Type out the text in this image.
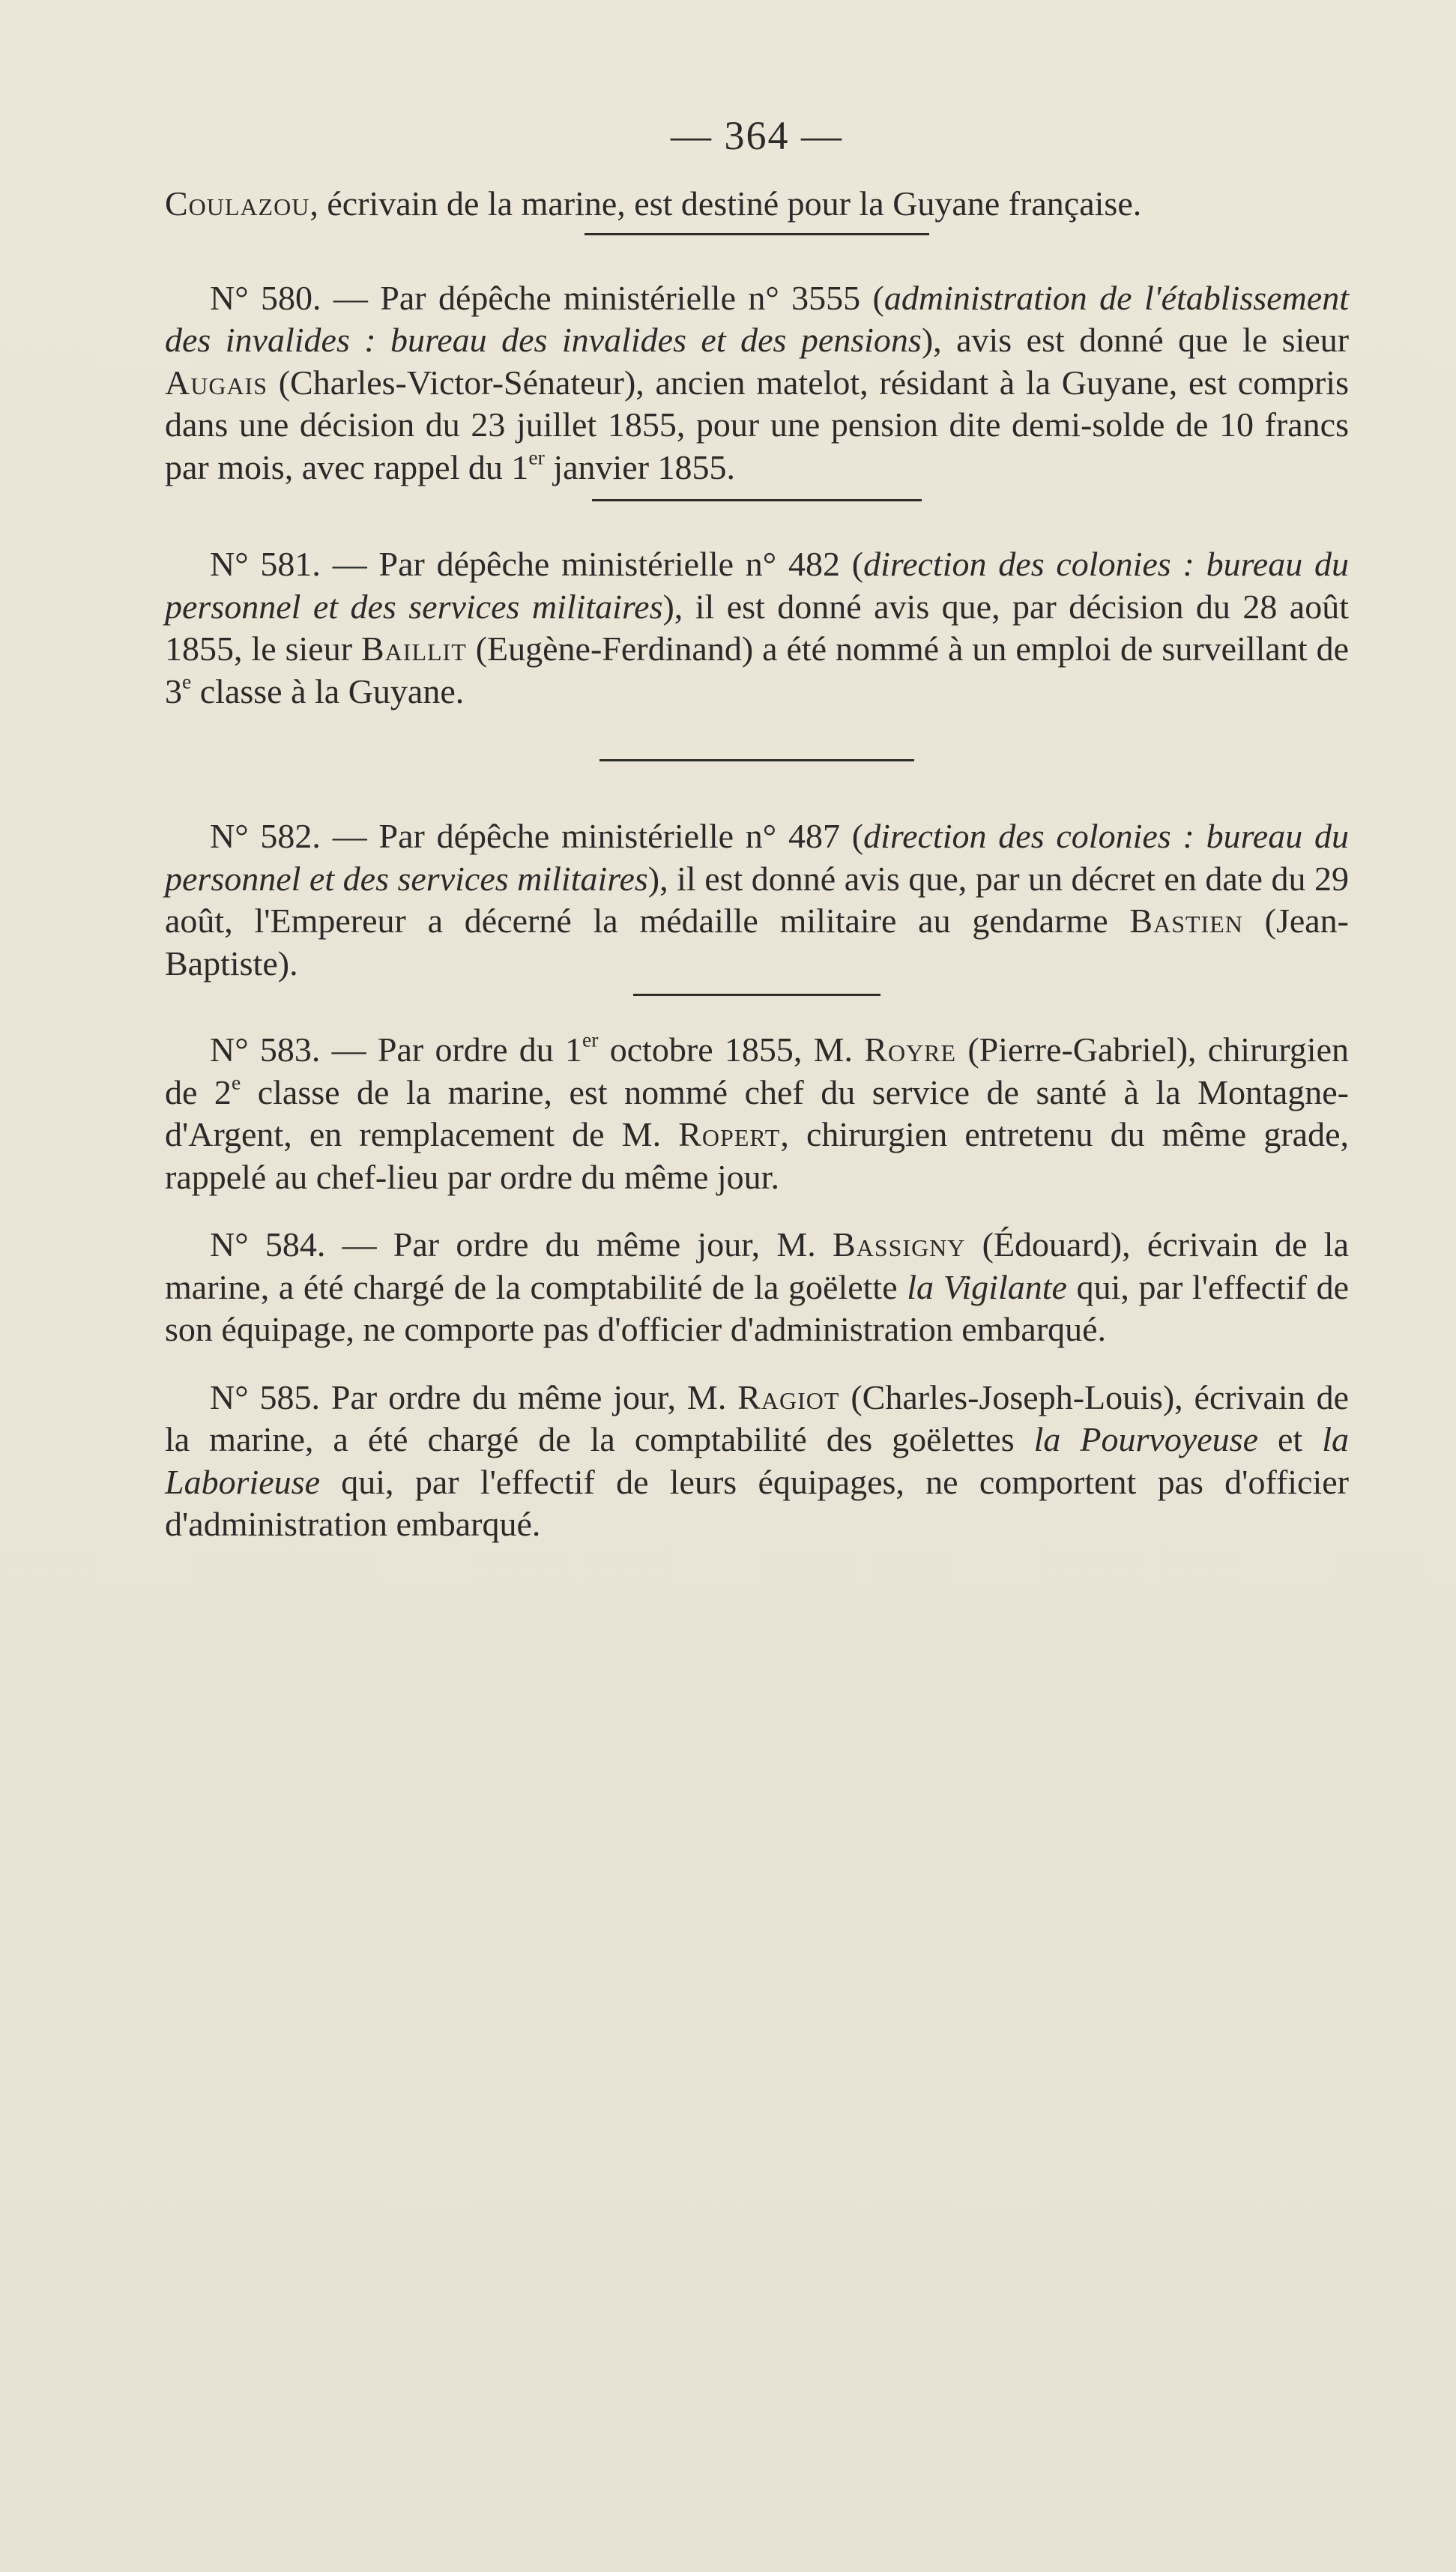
— 364 —

Coulazou, écrivain de la marine, est destiné pour la Guyane française.

N° 580. — Par dépêche ministérielle n° 3555 (administration de l'établissement des invalides : bureau des invalides et des pensions), avis est donné que le sieur Augais (Charles-Victor-Sénateur), ancien matelot, résidant à la Guyane, est compris dans une décision du 23 juillet 1855, pour une pension dite demi-solde de 10 francs par mois, avec rappel du 1er janvier 1855.

N° 581. — Par dépêche ministérielle n° 482 (direction des colonies : bureau du personnel et des services militaires), il est donné avis que, par décision du 28 août 1855, le sieur Baillit (Eugène-Ferdinand) a été nommé à un emploi de surveillant de 3e classe à la Guyane.

N° 582. — Par dépêche ministérielle n° 487 (direction des colonies : bureau du personnel et des services militaires), il est donné avis que, par un décret en date du 29 août, l'Empereur a décerné la médaille militaire au gendarme Bastien (Jean-Baptiste).

N° 583. — Par ordre du 1er octobre 1855, M. Royre (Pierre-Gabriel), chirurgien de 2e classe de la marine, est nommé chef du service de santé à la Montagne-d'Argent, en remplacement de M. Ropert, chirurgien entretenu du même grade, rappelé au chef-lieu par ordre du même jour.

N° 584. — Par ordre du même jour, M. Bassigny (Édouard), écrivain de la marine, a été chargé de la comptabilité de la goëlette la Vigilante qui, par l'effectif de son équipage, ne comporte pas d'officier d'administration embarqué.

N° 585. Par ordre du même jour, M. Ragiot (Charles-Joseph-Louis), écrivain de la marine, a été chargé de la comptabilité des goëlettes la Pourvoyeuse et la Laborieuse qui, par l'effectif de leurs équipages, ne comportent pas d'officier d'administration embarqué.
